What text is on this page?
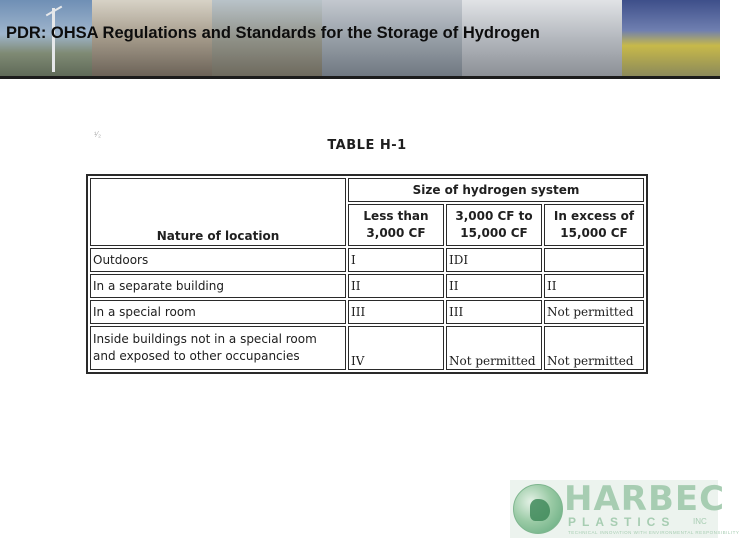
PDR: OHSA Regulations and Standards for the Storage of Hydrogen
¹⁄₂
TABLE H-1
Nature of location	Size of hydrogen system		
	Less than 3,000 CF	3,000 CF to 15,000 CF	In excess of 15,000 CF
Outdoors	I	IDI	
In a separate building	II	II	II
In a special room	III	III	Not permitted
Inside buildings not in a special room and exposed to other occupancies	IV	Not permitted	Not permitted
HARBEC
PLASTICS INC
TECHNICAL INNOVATION WITH ENVIRONMENTAL RESPONSIBILITY
